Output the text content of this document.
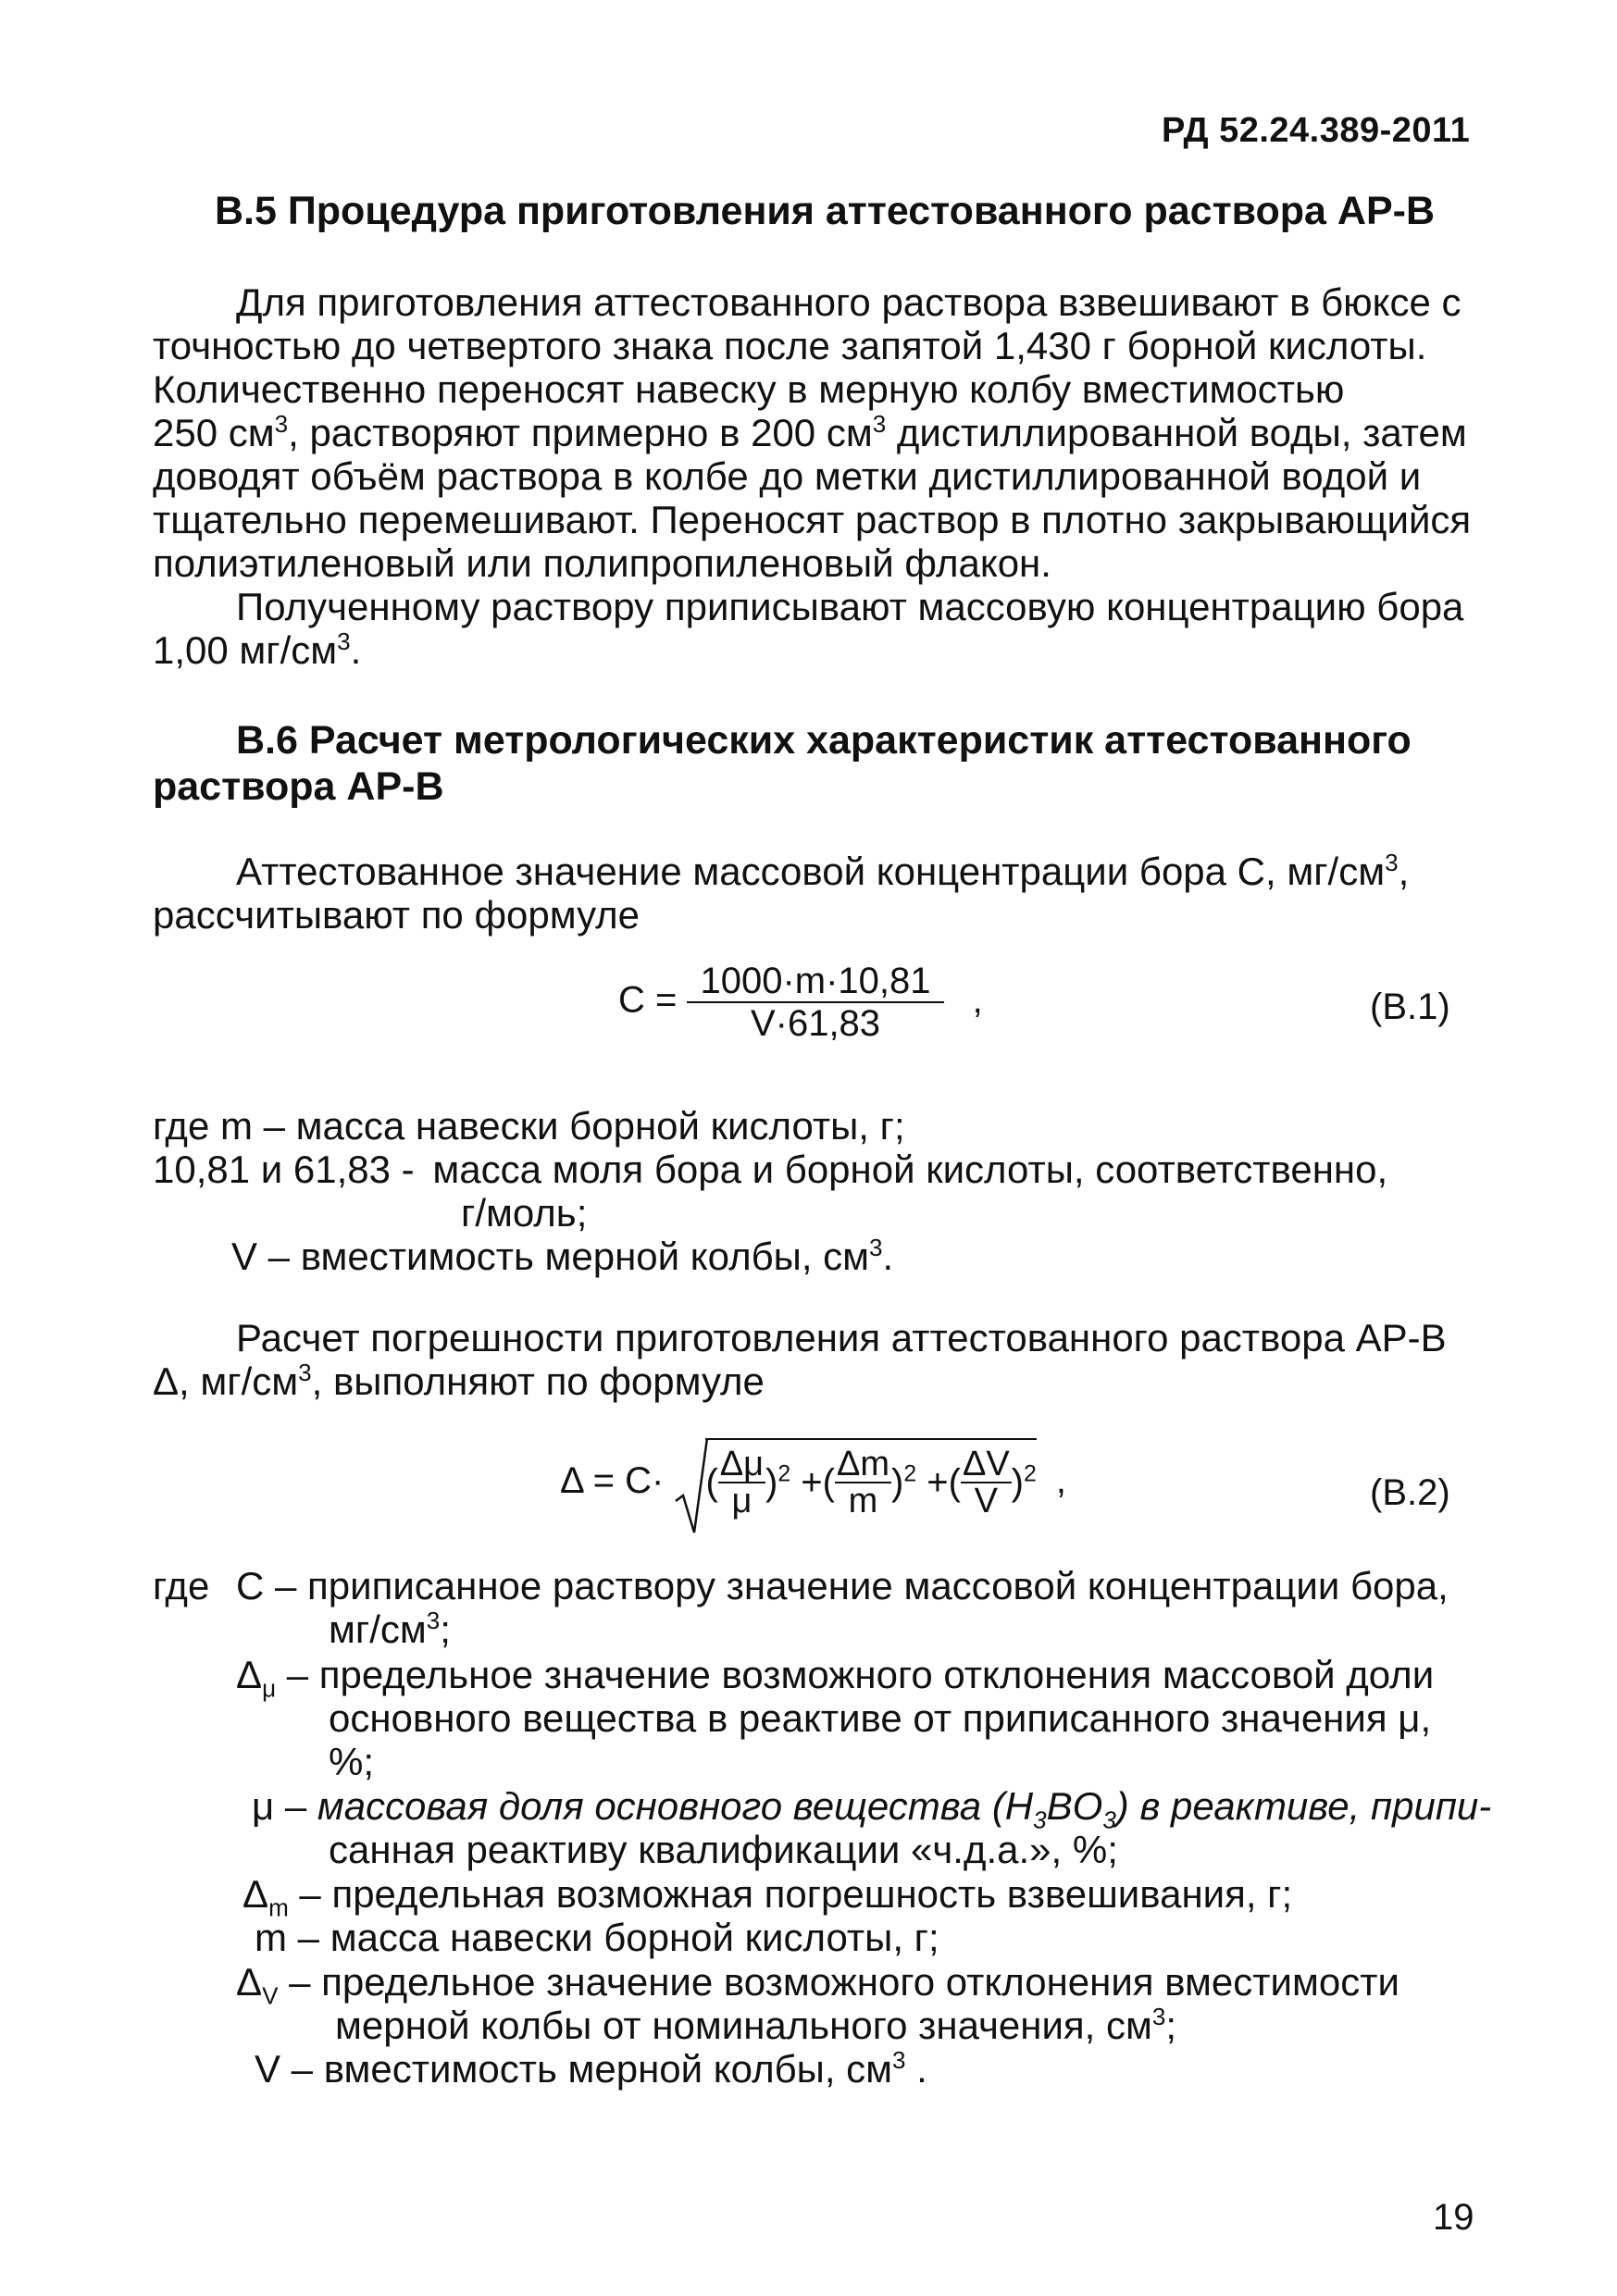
РД 52.24.389-2011
В.5 Процедура приготовления аттестованного раствора АР-В
Для приготовления аттестованного раствора взвешивают в бюксе с
точностью до четвертого знака после запятой 1,430 г борной кислоты.
Количественно переносят навеску в мерную колбу вместимостью
250 $см^3$, растворяют примерно в 200 $см^3$ дистиллированной воды, затем
доводят объём раствора в колбе до метки дистиллированной водой и
тщательно перемешивают. Переносят раствор в плотно закрывающийся
полиэтиленовый или полипропиленовый флакон.
Полученному раствору приписывают массовую концентрацию бора
1,00 $мг/см^3$.
В.6 Расчет метрологических характеристик аттестованного
раствора АР-В
Аттестованное значение массовой концентрации бора С, $мг/см^3$,
рассчитывают по формуле
$C = \frac{1000\cdot m\cdot 10,81}{V\cdot 61,83}$ ,	(В.1)
где m – масса навески борной кислоты, г;
10,81 и 61,83 - масса моля бора и борной кислоты, соответственно,
г/моль;
V – вместимость мерной колбы, $см^3$.
Расчет погрешности приготовления аттестованного раствора АР-В
Δ, $мг/см^3$, выполняют по формуле
Δ = C· ( $\frac{\Delta\mu}{\mu} )^2$ +( $\frac{\Delta m}{m} )^2$ +( $\frac{\Delta V}{V} )^2$ ,	(В.2)
где С – приписанное раствору значение массовой концентрации бора,
$мг/см^3$;
$\Delta_\mu$ – предельное значение возможного отклонения массовой доли
основного вещества в реактиве от приписанного значения μ,
%;
μ – массовая доля основного вещества $(H_3BO_3)$ в реактиве, припи-
санная реактиву квалификации «ч.д.а.», %;
$\Delta_m$ – предельная возможная погрешность взвешивания, г;
m – масса навески борной кислоты, г;
$\Delta_V$ – предельное значение возможного отклонения вместимости
мерной колбы от номинального значения, $см^3$;
V – вместимость мерной колбы, $см^3$ .
19
